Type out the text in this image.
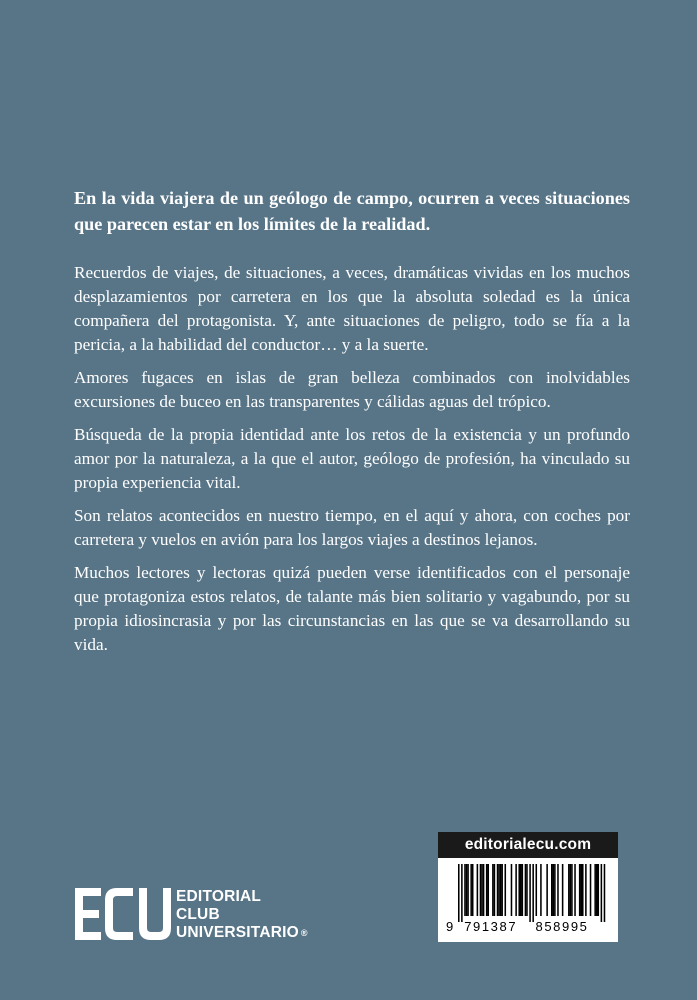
En la vida viajera de un geólogo de campo, ocurren a veces situaciones que parecen estar en los límites de la realidad.

Recuerdos de viajes, de situaciones, a veces, dramáticas vividas en los muchos desplazamientos por carretera en los que la absoluta soledad es la única compañera del protagonista. Y, ante situaciones de peligro, todo se fía a la pericia, a la habilidad del conductor… y a la suerte.

Amores fugaces en islas de gran belleza combinados con inolvidables excursiones de buceo en las transparentes y cálidas aguas del trópico.

Búsqueda de la propia identidad ante los retos de la existencia y un profundo amor por la naturaleza, a la que el autor, geólogo de profesión, ha vinculado su propia experiencia vital.

Son relatos acontecidos en nuestro tiempo, en el aquí y ahora, con coches por carretera y vuelos en avión para los largos viajes a destinos lejanos.

Muchos lectores y lectoras quizá pueden verse identificados con el personaje que protagoniza estos relatos, de talante más bien solitario y vagabundo, por su propia idiosincrasia y por las circunstancias en las que se va desarrollando su vida.

EDITORIAL
CLUB
UNIVERSITARIO ®
editorialecu.com
9 791387 858995
